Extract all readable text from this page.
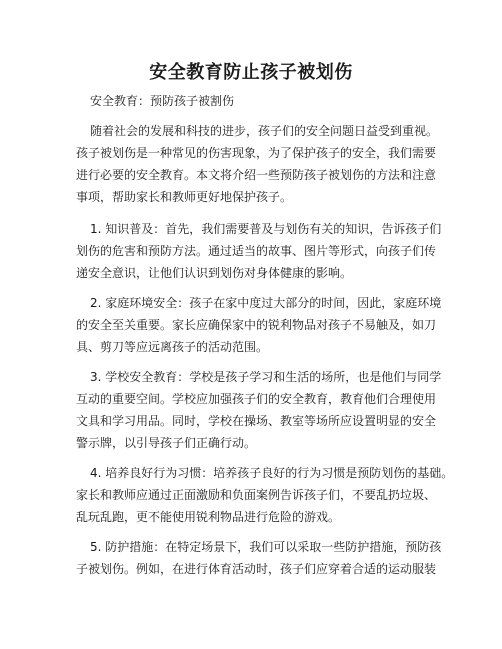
安全教育防止孩子被划伤
安全教育：预防孩子被割伤
随着社会的发展和科技的进步，孩子们的安全问题日益受到重视。
孩子被划伤是一种常见的伤害现象，为了保护孩子的安全，我们需要
进行必要的安全教育。本文将介绍一些预防孩子被划伤的方法和注意
事项，帮助家长和教师更好地保护孩子。
1. 知识普及：首先，我们需要普及与划伤有关的知识，告诉孩子们
划伤的危害和预防方法。通过适当的故事、图片等形式，向孩子们传
递安全意识，让他们认识到划伤对身体健康的影响。
2. 家庭环境安全：孩子在家中度过大部分的时间，因此，家庭环境
的安全至关重要。家长应确保家中的锐利物品对孩子不易触及，如刀
具、剪刀等应远离孩子的活动范围。
3. 学校安全教育：学校是孩子学习和生活的场所，也是他们与同学
互动的重要空间。学校应加强孩子们的安全教育，教育他们合理使用
文具和学习用品。同时，学校在操场、教室等场所应设置明显的安全
警示牌，以引导孩子们正确行动。
4. 培养良好行为习惯：培养孩子良好的行为习惯是预防划伤的基础。
家长和教师应通过正面激励和负面案例告诉孩子们，不要乱扔垃圾、
乱玩乱跑，更不能使用锐利物品进行危险的游戏。
5. 防护措施：在特定场景下，我们可以采取一些防护措施，预防孩
子被划伤。例如，在进行体育活动时，孩子们应穿着合适的运动服装
